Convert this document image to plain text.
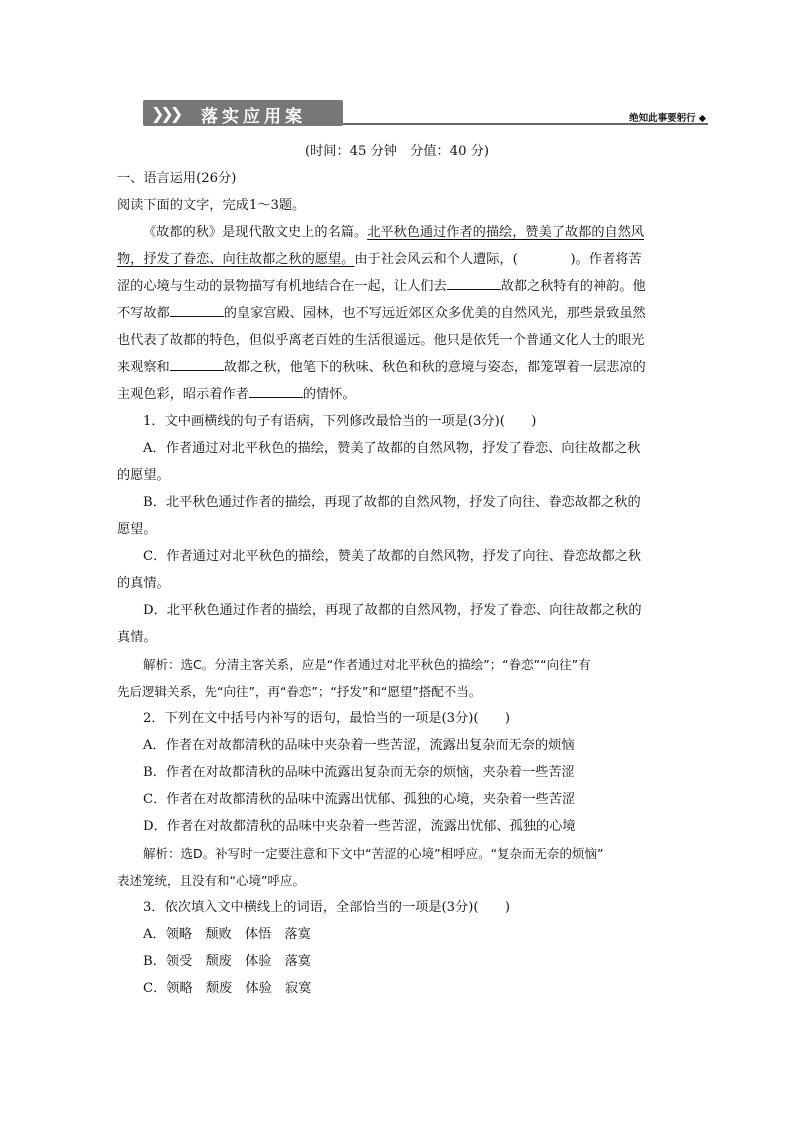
❯❯❯ 落实应用案	绝知此事要躬行 ◆
(时间：45 分钟　分值：40 分)
一、语言运用(26分)
阅读下面的文字，完成1～3题。
《故都的秋》是现代散文史上的名篇。北平秋色通过作者的描绘，赞美了故都的自然风
物，抒发了眷恋、向往故都之秋的愿望。由于社会风云和个人遭际，(　　　　)。作者将苦
涩的心境与生动的景物描写有机地结合在一起，让人们去	故都之秋特有的神韵。他
不写故都	的皇家宫殿、园林，也不写远近郊区众多优美的自然风光，那些景致虽然
也代表了故都的特色，但似乎离老百姓的生活很遥远。他只是依凭一个普通文化人士的眼光
来观察和	故都之秋，他笔下的秋味、秋色和秋的意境与姿态，都笼罩着一层悲凉的
主观色彩，昭示着作者	的情怀。
1．文中画横线的句子有语病，下列修改最恰当的一项是(3分)(　　)
A．作者通过对北平秋色的描绘，赞美了故都的自然风物，抒发了眷恋、向往故都之秋
的愿望。
B．北平秋色通过作者的描绘，再现了故都的自然风物，抒发了向往、眷恋故都之秋的
愿望。
C．作者通过对北平秋色的描绘，赞美了故都的自然风物，抒发了向往、眷恋故都之秋
的真情。
D．北平秋色通过作者的描绘，再现了故都的自然风物，抒发了眷恋、向往故都之秋的
真情。
解析：选C。分清主客关系，应是“作者通过对北平秋色的描绘”；“眷恋”“向往”有
先后逻辑关系，先“向往”，再“眷恋”；“抒发”和“愿望”搭配不当。
2．下列在文中括号内补写的语句，最恰当的一项是(3分)(　　)
A．作者在对故都清秋的品味中夹杂着一些苦涩，流露出复杂而无奈的烦恼
B．作者在对故都清秋的品味中流露出复杂而无奈的烦恼，夹杂着一些苦涩
C．作者在对故都清秋的品味中流露出忧郁、孤独的心境，夹杂着一些苦涩
D．作者在对故都清秋的品味中夹杂着一些苦涩，流露出忧郁、孤独的心境
解析：选D。补写时一定要注意和下文中“苦涩的心境”相呼应。“复杂而无奈的烦恼”
表述笼统，且没有和“心境”呼应。
3．依次填入文中横线上的词语，全部恰当的一项是(3分)(　　)
A．领略　颓败　体悟　落寞
B．领受　颓废　体验　落寞
C．领略　颓废　体验　寂寞
